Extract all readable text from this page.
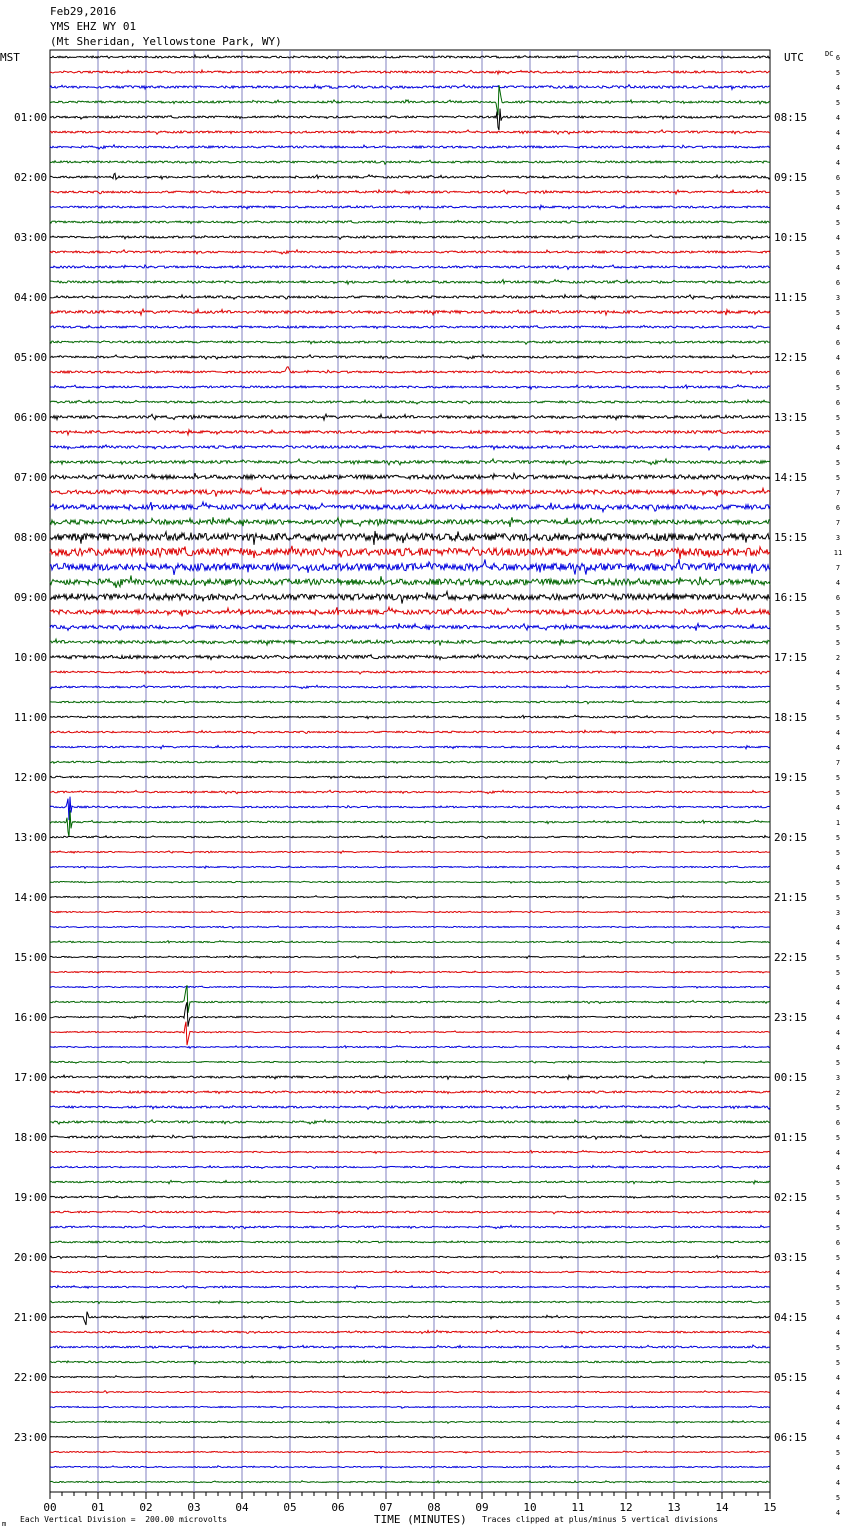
Feb29,2016
YMS EHZ WY 01
(Mt Sheridan, Yellowstone Park, WY)
01:00
02:00
03:00
04:00
05:00
06:00
07:00
08:00
09:00
10:00
11:00
12:00
13:00
14:00
15:00
16:00
17:00
18:00
19:00
20:00
21:00
22:00
23:00
08:15
09:15
10:15
11:15
12:15
13:15
14:15
15:15
16:15
17:15
18:15
19:15
20:15
21:15
22:15
23:15
00:15
01:15
02:15
03:15
04:15
05:15
06:15
6
5
4
5
4
4
4
4
6
5
4
5
4
5
4
6
3
5
4
6
4
6
5
6
5
5
4
5
5
7
6
7
3
11
7
4
6
5
5
5
2
4
5
4
5
4
4
7
5
5
4
1
5
5
4
5
5
3
4
4
5
5
4
4
4
4
4
5
3
2
5
6
5
4
4
5
5
4
5
6
5
4
5
5
4
4
5
5
4
4
4
4
4
5
4
4
5
4
00	01	02	03	04	05	06	07	08	09	10	11	12	13	14	15
MST	UTC	DC
TIME (MINUTES)
m Each Vertical Division =  200.00 microvolts	Traces clipped at plus/minus 5 vertical divisions
